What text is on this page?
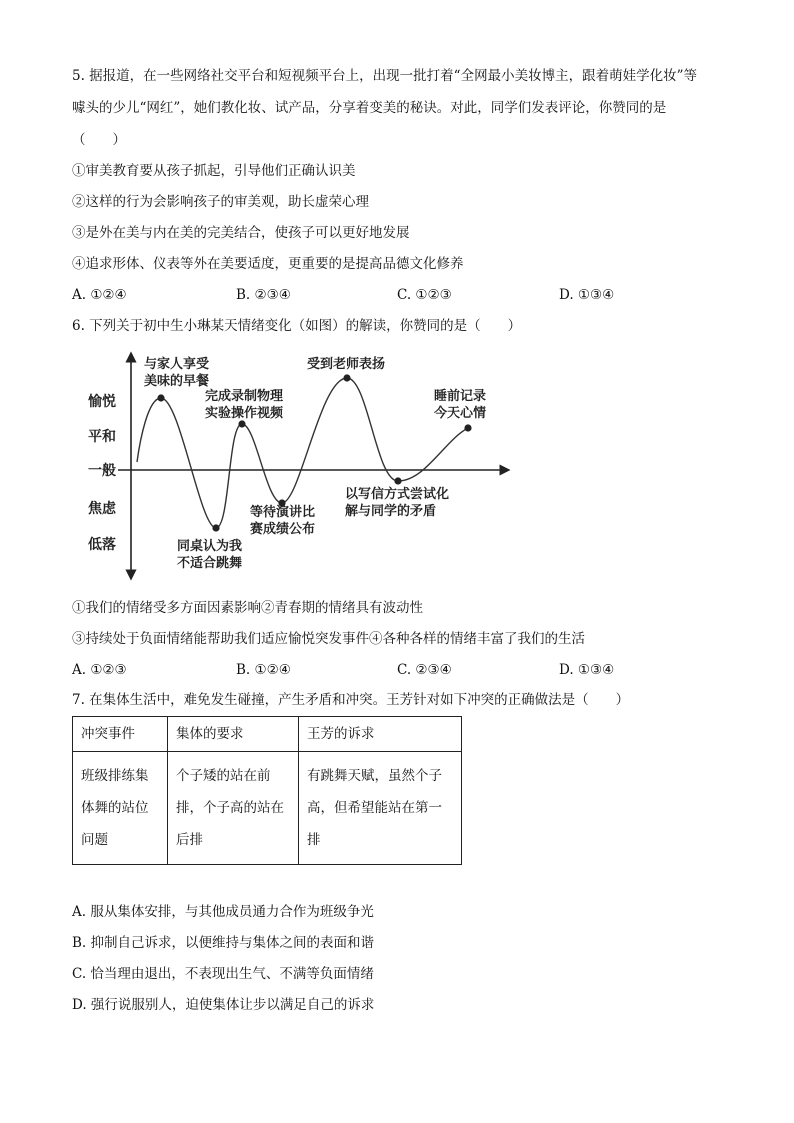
5. 据报道，在一些网络社交平台和短视频平台上，出现一批打着“全网最小美妆博主，跟着萌娃学化妆”等
噱头的少儿“网红”，她们教化妆、试产品，分享着变美的秘诀。对此，同学们发表评论，你赞同的是
（　　）
①审美教育要从孩子抓起，引导他们正确认识美
②这样的行为会影响孩子的审美观，助长虚荣心理
③是外在美与内在美的完美结合，使孩子可以更好地发展
④追求形体、仪表等外在美要适度，更重要的是提高品德文化修养
A. ①②④	B. ②③④	C. ①②③	D. ①③④
6. 下列关于初中生小琳某天情绪变化（如图）的解读，你赞同的是（　　）
愉悦
平和
一般
焦虑
低落
与家人享受
美味的早餐
同桌认为我
不适合跳舞
完成录制物理
实验操作视频
等待演讲比
赛成绩公布
受到老师表扬
以写信方式尝试化
解与同学的矛盾
睡前记录
今天心情
①我们的情绪受多方面因素影响②青春期的情绪具有波动性
③持续处于负面情绪能帮助我们适应愉悦突发事件④各种各样的情绪丰富了我们的生活
A. ①②③	B. ①②④	C. ②③④	D. ①③④
7. 在集体生活中，难免发生碰撞，产生矛盾和冲突。王芳针对如下冲突的正确做法是（　　）
冲突事件	集体的要求	王芳的诉求
班级排练集体舞的站位问题	个子矮的站在前排，个子高的站在后排	有跳舞天赋，虽然个子高，但希望能站在第一排
A. 服从集体安排，与其他成员通力合作为班级争光
B. 抑制自己诉求，以便维持与集体之间的表面和谐
C. 恰当理由退出，不表现出生气、不满等负面情绪
D. 强行说服别人，迫使集体让步以满足自己的诉求
